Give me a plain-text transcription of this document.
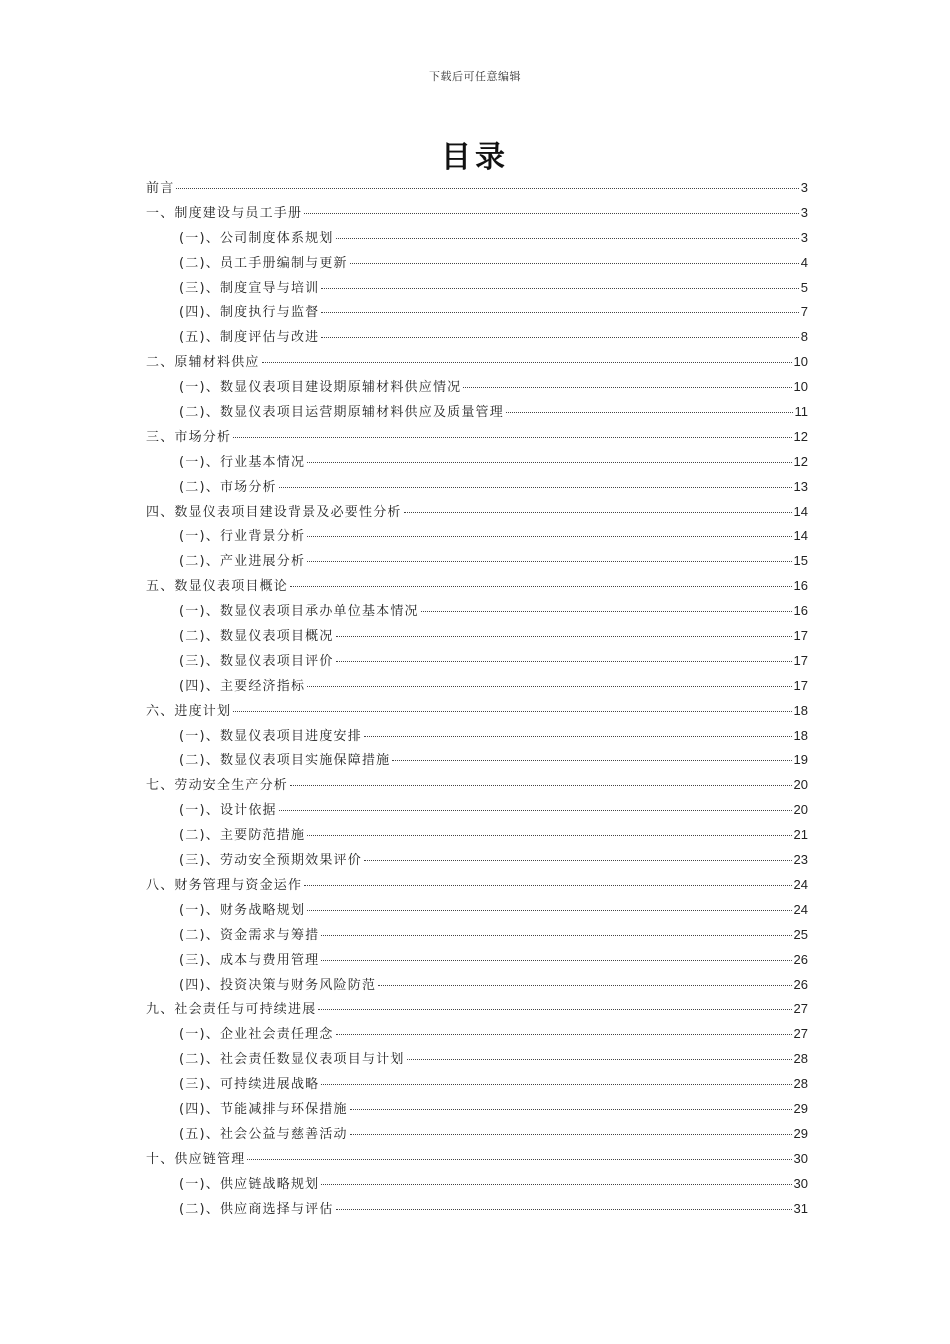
下载后可任意编辑
目录
前言	3
一、制度建设与员工手册	3
(一)、公司制度体系规划	3
(二)、员工手册编制与更新	4
(三)、制度宣导与培训	5
(四)、制度执行与监督	7
(五)、制度评估与改进	8
二、原辅材料供应	10
(一)、数显仪表项目建设期原辅材料供应情况	10
(二)、数显仪表项目运营期原辅材料供应及质量管理	11
三、市场分析	12
(一)、行业基本情况	12
(二)、市场分析	13
四、数显仪表项目建设背景及必要性分析	14
(一)、行业背景分析	14
(二)、产业进展分析	15
五、数显仪表项目概论	16
(一)、数显仪表项目承办单位基本情况	16
(二)、数显仪表项目概况	17
(三)、数显仪表项目评价	17
(四)、主要经济指标	17
六、进度计划	18
(一)、数显仪表项目进度安排	18
(二)、数显仪表项目实施保障措施	19
七、劳动安全生产分析	20
(一)、设计依据	20
(二)、主要防范措施	21
(三)、劳动安全预期效果评价	23
八、财务管理与资金运作	24
(一)、财务战略规划	24
(二)、资金需求与筹措	25
(三)、成本与费用管理	26
(四)、投资决策与财务风险防范	26
九、社会责任与可持续进展	27
(一)、企业社会责任理念	27
(二)、社会责任数显仪表项目与计划	28
(三)、可持续进展战略	28
(四)、节能减排与环保措施	29
(五)、社会公益与慈善活动	29
十、供应链管理	30
(一)、供应链战略规划	30
(二)、供应商选择与评估	31
